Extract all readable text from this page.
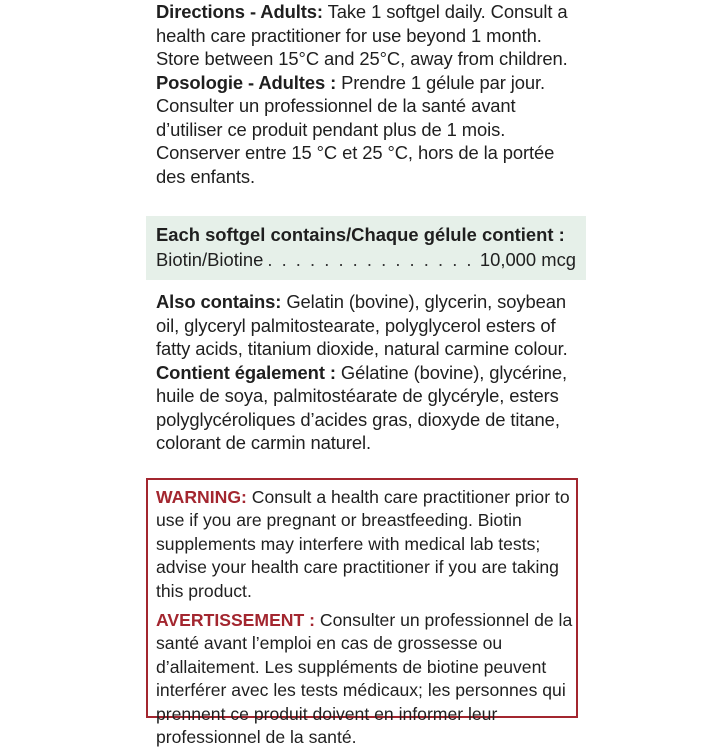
Directions - Adults: Take 1 softgel daily. Consult a health care practitioner for use beyond 1 month. Store between 15°C and 25°C, away from children.

Posologie - Adultes : Prendre 1 gélule par jour. Consulter un professionnel de la santé avant d’utiliser ce produit pendant plus de 1 mois. Conserver entre 15 °C et 25 °C, hors de la portée des enfants.

Each softgel contains/Chaque gélule contient :
Biotin/Biotine
. . .	10,000 mcg

Also contains: Gelatin (bovine), glycerin, soybean oil, glyceryl palmitostearate, polyglycerol esters of fatty acids, titanium dioxide, natural carmine colour.

Contient également : Gélatine (bovine), glycérine, huile de soya, palmitostéarate de glycéryle, esters polyglycéroliques d’acides gras, dioxyde de titane, colorant de carmin naturel.

WARNING: Consult a health care practitioner prior to use if you are pregnant or breastfeeding. Biotin supplements may interfere with medical lab tests; advise your health care practitioner if you are taking this product.

AVERTISSEMENT : Consulter un professionnel de la santé avant l’emploi en cas de grossesse ou d’allaitement. Les suppléments de biotine peuvent interférer avec les tests médicaux; les personnes qui prennent ce produit doivent en informer leur professionnel de la santé.
